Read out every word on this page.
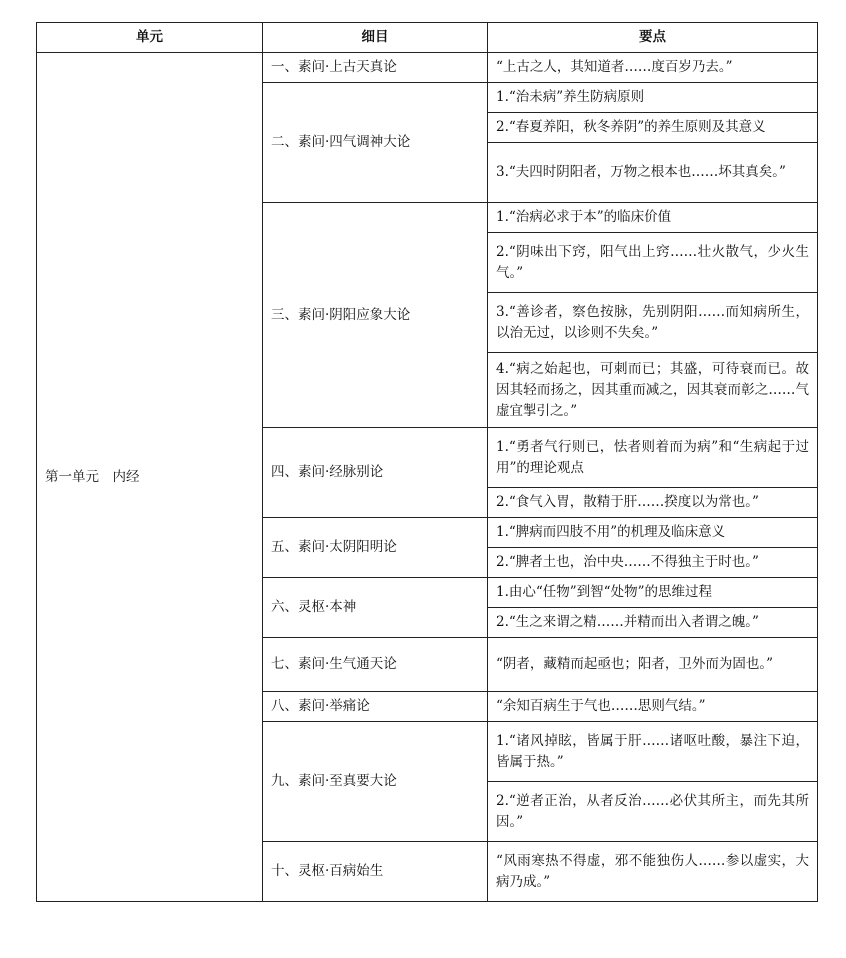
单元	细目	要点
第一单元　内经	一、素问·上古天真论	“上古之人，其知道者……度百岁乃去。”
	二、素问·四气调神大论	1.“治未病”养生防病原则
		2.“春夏养阳，秋冬养阴”的养生原则及其意义
		3.“夫四时阴阳者，万物之根本也……坏其真矣。”
	三、素问·阴阳应象大论	1.“治病必求于本”的临床价值
		2.“阴味出下窍，阳气出上窍……壮火散气，少火生气。”
		3.“善诊者，察色按脉，先别阴阳……而知病所生，以治无过，以诊则不失矣。”
		4.“病之始起也，可刺而已；其盛，可待衰而已。故因其轻而扬之，因其重而减之，因其衰而彰之……气虚宜掣引之。”
	四、素问·经脉别论	1.“勇者气行则已，怯者则着而为病”和“生病起于过用”的理论观点
		2.“食气入胃，散精于肝……揆度以为常也。”
	五、素问·太阴阳明论	1.“脾病而四肢不用”的机理及临床意义
		2.“脾者土也，治中央……不得独主于时也。”
	六、灵枢·本神	1.由心“任物”到智“处物”的思维过程
		2.“生之来谓之精……并精而出入者谓之魄。”
	七、素问·生气通天论	“阴者，藏精而起亟也；阳者，卫外而为固也。”
	八、素问·举痛论	“余知百病生于气也……思则气结。”
	九、素问·至真要大论	1.“诸风掉眩，皆属于肝……诸呕吐酸，暴注下迫，皆属于热。”
		2.“逆者正治，从者反治……必伏其所主，而先其所因。”
	十、灵枢·百病始生	“风雨寒热不得虚，邪不能独伤人……参以虚实，大病乃成。”
